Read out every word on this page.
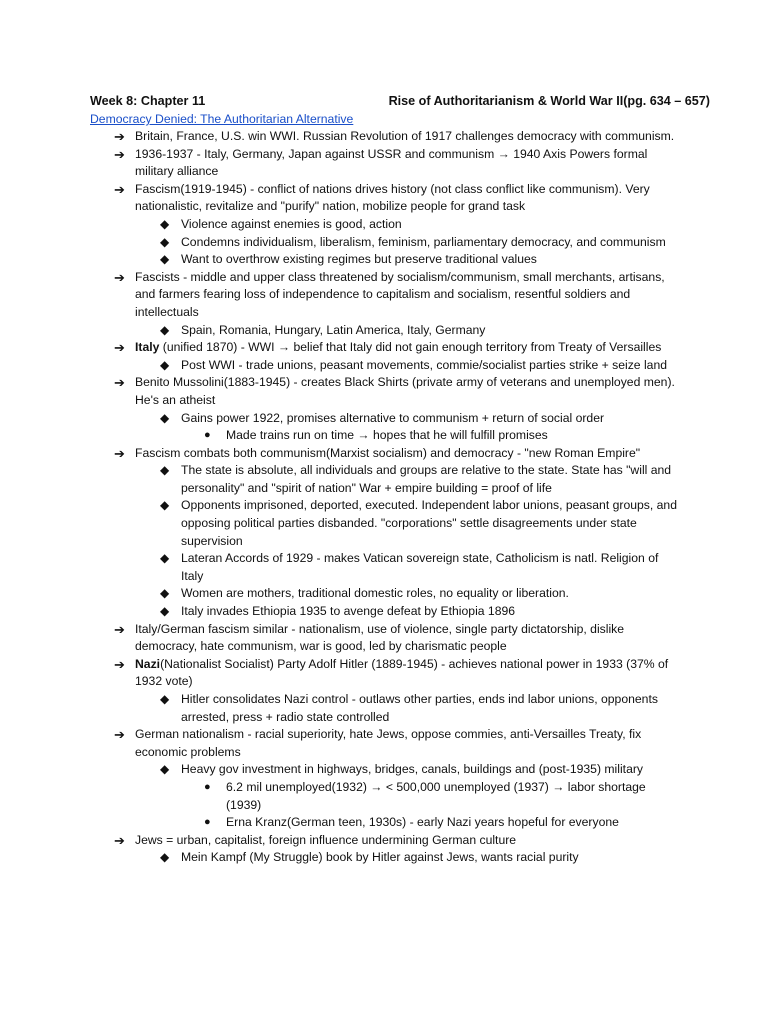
Week 8: Chapter 11	Rise of Authoritarianism & World War II(pg. 634 – 657)
Democracy Denied: The Authoritarian Alternative
➔ Britain, France, U.S. win WWI. Russian Revolution of 1917 challenges democracy with communism.
➔ 1936-1937 - Italy, Germany, Japan against USSR and communism → 1940 Axis Powers formal military alliance
➔ Fascism(1919-1945) - conflict of nations drives history (not class conflict like communism). Very nationalistic, revitalize and "purify" nation, mobilize people for grand task
◆ Violence against enemies is good, action
◆ Condemns individualism, liberalism, feminism, parliamentary democracy, and communism
◆ Want to overthrow existing regimes but preserve traditional values
➔ Fascists - middle and upper class threatened by socialism/communism, small merchants, artisans, and farmers fearing loss of independence to capitalism and socialism, resentful soldiers and intellectuals
◆ Spain, Romania, Hungary, Latin America, Italy, Germany
➔ Italy (unified 1870) - WWI → belief that Italy did not gain enough territory from Treaty of Versailles
◆ Post WWI - trade unions, peasant movements, commie/socialist parties strike + seize land
➔ Benito Mussolini(1883-1945) - creates Black Shirts (private army of veterans and unemployed men). He's an atheist
◆ Gains power 1922, promises alternative to communism + return of social order
● Made trains run on time → hopes that he will fulfill promises
➔ Fascism combats both communism(Marxist socialism) and democracy - "new Roman Empire"
◆ The state is absolute, all individuals and groups are relative to the state. State has "will and personality" and "spirit of nation" War + empire building = proof of life
◆ Opponents imprisoned, deported, executed. Independent labor unions, peasant groups, and opposing political parties disbanded. "corporations" settle disagreements under state supervision
◆ Lateran Accords of 1929 - makes Vatican sovereign state, Catholicism is natl. Religion of Italy
◆ Women are mothers, traditional domestic roles, no equality or liberation.
◆ Italy invades Ethiopia 1935 to avenge defeat by Ethiopia 1896
➔ Italy/German fascism similar - nationalism, use of violence, single party dictatorship, dislike democracy, hate communism, war is good, led by charismatic people
➔ Nazi(Nationalist Socialist) Party Adolf Hitler (1889-1945) - achieves national power in 1933 (37% of 1932 vote)
◆ Hitler consolidates Nazi control - outlaws other parties, ends ind labor unions, opponents arrested, press + radio state controlled
➔ German nationalism - racial superiority, hate Jews, oppose commies, anti-Versailles Treaty, fix economic problems
◆ Heavy gov investment in highways, bridges, canals, buildings and (post-1935) military
● 6.2 mil unemployed(1932) → < 500,000 unemployed (1937) → labor shortage (1939)
● Erna Kranz(German teen, 1930s) - early Nazi years hopeful for everyone
➔ Jews = urban, capitalist, foreign influence undermining German culture
◆ Mein Kampf (My Struggle) book by Hitler against Jews, wants racial purity
